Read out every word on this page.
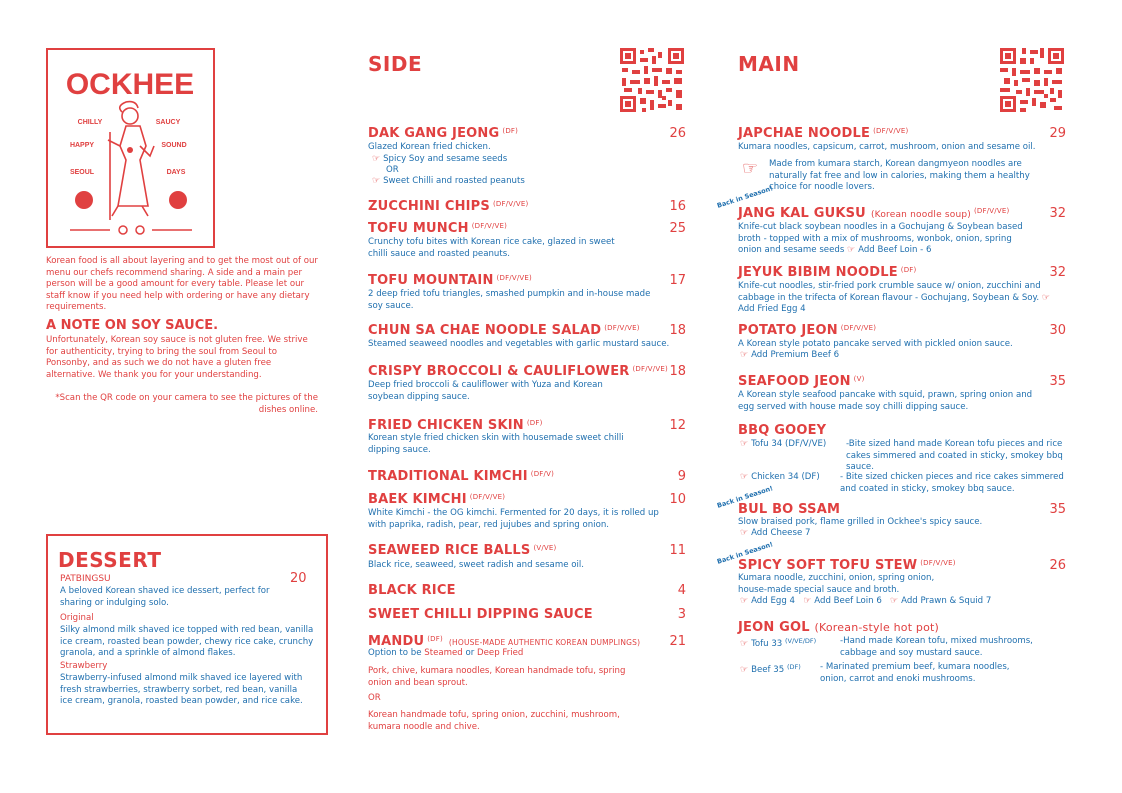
OCKHEE
CHILLY	SAUCY
HAPPY	SOUND
SEOUL	DAYS
Korean food is all about layering and to get the most out of our menu our chefs recommend sharing. A side and a main per person will be a good amount for every table. Please let our staff know if you need help with ordering or have any dietary requirements.
A NOTE ON SOY SAUCE.
Unfortunately, Korean soy sauce is not gluten free. We strive for authenticity, trying to bring the soul from Seoul to Ponsonby, and as such we do not have a gluten free alternative. We thank you for your understanding.
*Scan the QR code on your camera to see the pictures of the dishes online.
DESSERT
PATBINGSU	20
A beloved Korean shaved ice dessert, perfect for sharing or indulging solo.
Original
Silky almond milk shaved ice topped with red bean, vanilla ice cream, roasted bean powder, chewy rice cake, crunchy granola, and a sprinkle of almond flakes.
Strawberry
Strawberry-infused almond milk shaved ice layered with fresh strawberries, strawberry sorbet, red bean, vanilla ice cream, granola, roasted bean powder, and rice cake.
SIDE
DAK GANG JEONG $^{(DF)}$	26
Glazed Korean fried chicken.
☞ Spicy Soy and sesame seeds
OR
☞ Sweet Chilli and roasted peanuts
ZUCCHINI CHIPS $^{(DF/V/VE)}$	16
TOFU MUNCH $^{(DF/V/VE)}$	25
Crunchy tofu bites with Korean rice cake, glazed in sweet chilli sauce and roasted peanuts.
TOFU MOUNTAIN $^{(DF/V/VE)}$	17
2 deep fried tofu triangles, smashed pumpkin and in-house made soy sauce.
CHUN SA CHAE NOODLE SALAD $^{(DF/V/VE)}$	18
Steamed seaweed noodles and vegetables with garlic mustard sauce.
CRISPY BROCCOLI & CAULIFLOWER $^{(DF/V/VE)}$ 18
Deep fried broccoli & cauliflower with Yuza and Korean soybean dipping sauce.
FRIED CHICKEN SKIN $^{(DF)}$	12
Korean style fried chicken skin with housemade sweet chilli dipping sauce.
TRADITIONAL KIMCHI $^{(DF/V)}$	9
BAEK KIMCHI $^{(DF/V/VE)}$	10
White Kimchi - the OG kimchi. Fermented for 20 days, it is rolled up with paprika, radish, pear, red jujubes and spring onion.
SEAWEED RICE BALLS $^{(V/VE)}$	11
Black rice, seaweed, sweet radish and sesame oil.
BLACK RICE	4
SWEET CHILLI DIPPING SAUCE	3
MANDU $^{(DF)}$ (HOUSE-MADE AUTHENTIC KOREAN DUMPLINGS)	21
Option to be Steamed or Deep Fried
Pork, chive, kumara noodles, Korean handmade tofu, spring onion and bean sprout.
OR
Korean handmade tofu, spring onion, zucchini, mushroom, kumara noodle and chive.
MAIN
JAPCHAE NOODLE $^{(DF/V/VE)}$	29
Kumara noodles, capsicum, carrot, mushroom, onion and sesame oil.
☞ Made from kumara starch, Korean dangmyeon noodles are naturally fat free and low in calories, making them a healthy choice for noodle lovers.
Back in Season!
JANG KAL GUKSU (Korean noodle soup) $^{(DF/V/VE)}$	32
Knife-cut black soybean noodles in a Gochujang & Soybean based broth - topped with a mix of mushrooms, wonbok, onion, spring onion and sesame seeds ☞ Add Beef Loin - 6
JEYUK BIBIM NOODLE $^{(DF)}$	32
Knife-cut noodles, stir-fried pork crumble sauce w/ onion, zucchini and cabbage in the trifecta of Korean flavour - Gochujang, Soybean & Soy. ☞Add Fried Egg 4
POTATO JEON $^{(DF/V/VE)}$	30
A Korean style potato pancake served with pickled onion sauce.
☞ Add Premium Beef 6
SEAFOOD JEON $^{(V)}$	35
A Korean style seafood pancake with squid, prawn, spring onion and egg served with house made soy chilli dipping sauce.
BBQ GOOEY
☞ Tofu 34 (DF/V/VE) -Bite sized hand made Korean tofu pieces and rice cakes simmered and coated in sticky, smokey bbq sauce.
☞ Chicken 34 (DF) - Bite sized chicken pieces and rice cakes simmered and coated in sticky, smokey bbq sauce.
Back in Season!
BUL BO SSAM	35
Slow braised pork, flame grilled in Ockhee's spicy sauce.
☞ Add Cheese 7
Back in Season!
SPICY SOFT TOFU STEW $^{(DF/V/VE)}$	26
Kumara noodle, zucchini, onion, spring onion, house-made special sauce and broth.
☞ Add Egg 4 ☞ Add Beef Loin 6 ☞ Add Prawn & Squid 7
JEON GOL (Korean-style hot pot)
☞ Tofu 33 $^{(V/VE/DF)}$	-Hand made Korean tofu, mixed mushrooms, cabbage and soy mustard sauce.
☞ Beef 35 $^{(DF)}$ - Marinated premium beef, kumara noodles, onion, carrot and enoki mushrooms.
